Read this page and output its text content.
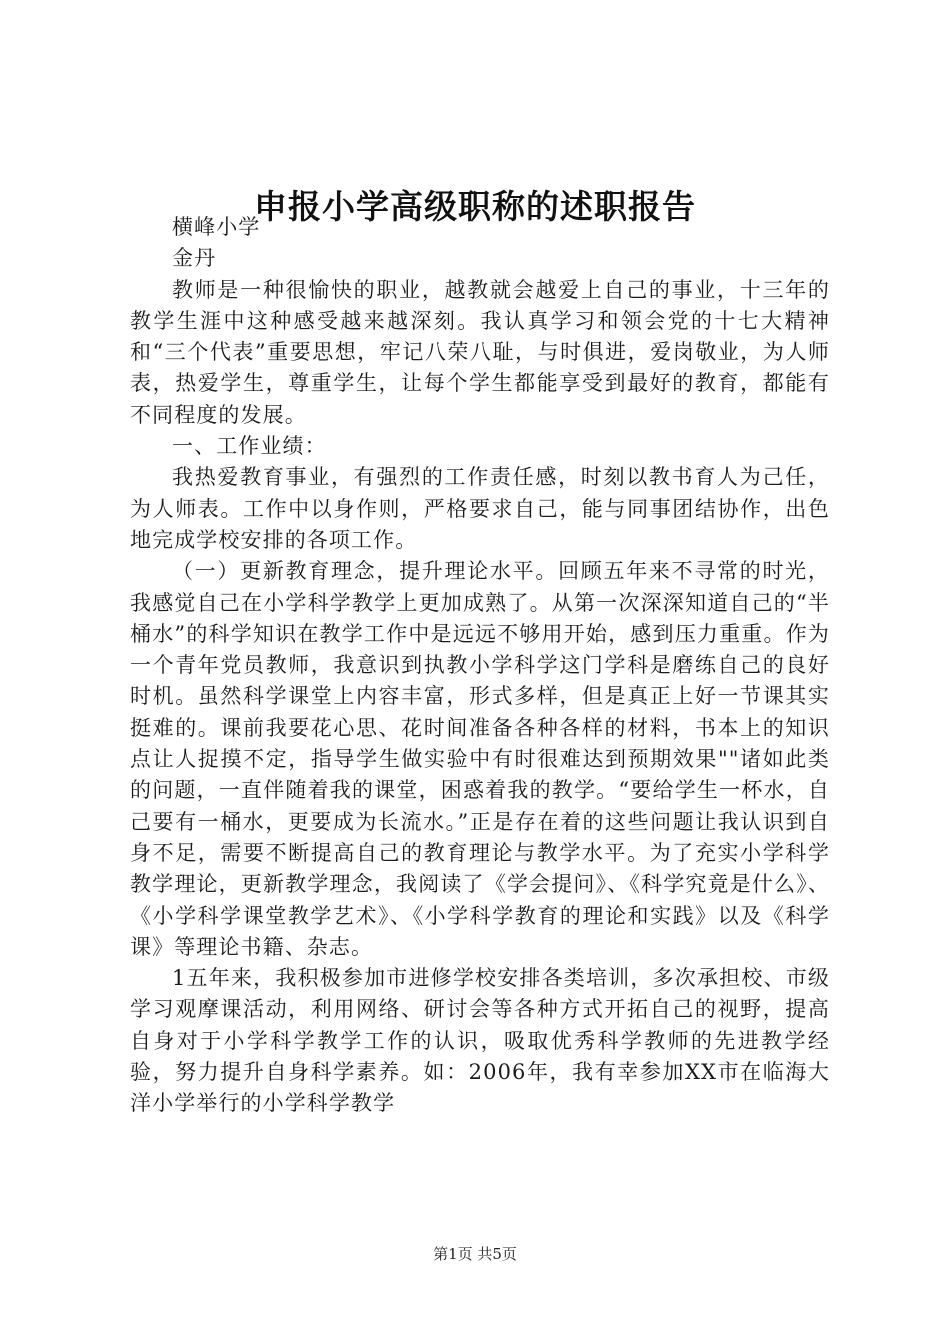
申报小学高级职称的述职报告

横峰小学

金丹

教师是一种很愉快的职业，越教就会越爱上自己的事业，十三年的教学生涯中这种感受越来越深刻。我认真学习和领会党的十七大精神和“三个代表”重要思想，牢记八荣八耻，与时俱进，爱岗敬业，为人师表，热爱学生，尊重学生，让每个学生都能享受到最好的教育，都能有不同程度的发展。

一、工作业绩：

我热爱教育事业，有强烈的工作责任感，时刻以教书育人为己任，为人师表。工作中以身作则，严格要求自己，能与同事团结协作，出色地完成学校安排的各项工作。

（一）更新教育理念，提升理论水平。回顾五年来不寻常的时光，我感觉自己在小学科学教学上更加成熟了。从第一次深深知道自己的“半桶水”的科学知识在教学工作中是远远不够用开始，感到压力重重。作为一个青年党员教师，我意识到执教小学科学这门学科是磨练自己的良好时机。虽然科学课堂上内容丰富，形式多样，但是真正上好一节课其实挺难的。课前我要花心思、花时间准备各种各样的材料，书本上的知识点让人捉摸不定，指导学生做实验中有时很难达到预期效果""诸如此类的问题，一直伴随着我的课堂，困惑着我的教学。“要给学生一杯水，自己要有一桶水，更要成为长流水。”正是存在着的这些问题让我认识到自身不足，需要不断提高自己的教育理论与教学水平。为了充实小学科学教学理论，更新教学理念，我阅读了《学会提问》、《科学究竟是什么》、《小学科学课堂教学艺术》、《小学科学教育的理论和实践》以及《科学课》等理论书籍、杂志。

1五年来，我积极参加市进修学校安排各类培训，多次承担校、市级学习观摩课活动，利用网络、研讨会等各种方式开拓自己的视野，提高自身对于小学科学教学工作的认识，吸取优秀科学教师的先进教学经验，努力提升自身科学素养。如：2006年，我有幸参加XX市在临海大洋小学举行的小学科学教学

第1页 共5页
